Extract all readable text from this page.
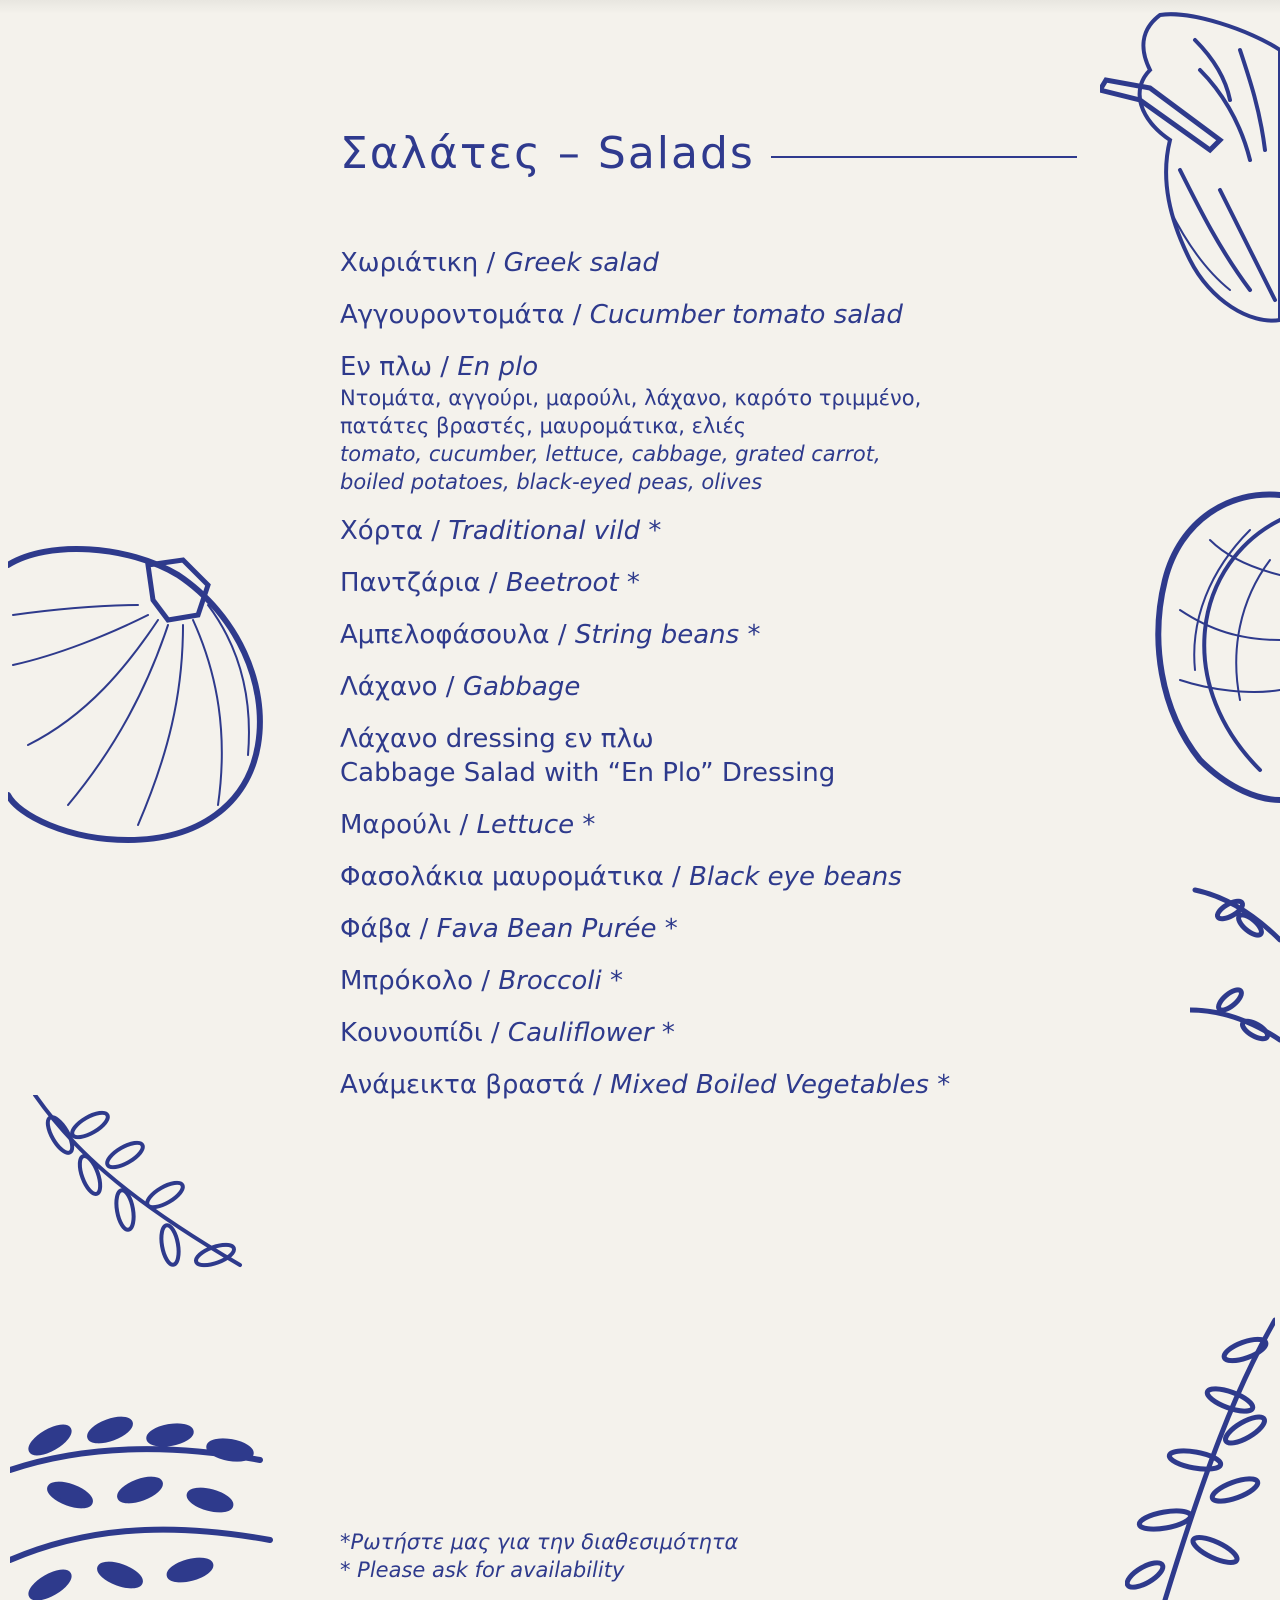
Σαλάτες – Salads
Χωριάτικη / Greek salad
Αγγουροντομάτα / Cucumber tomato salad
Εν πλω / En plo
Ντομάτα, αγγούρι, μαρούλι, λάχανο, καρότο τριμμένο,
πατάτες βραστές, μαυρομάτικα, ελιές
tomato, cucumber, lettuce, cabbage, grated carrot,
boiled potatoes, black-eyed peas, olives
Χόρτα / Traditional vild *
Παντζάρια / Beetroot *
Αμπελοφάσουλα / String beans *
Λάχανο / Gabbage
Λάχανο dressing εν πλω
Cabbage Salad with “En Plo” Dressing
Μαρούλι / Lettuce *
Φασολάκια μαυρομάτικα / Black eye beans
Φάβα / Fava Bean Purée *
Μπρόκολο / Broccoli *
Κουνουπίδι / Cauliflower *
Ανάμεικτα βραστά / Mixed Boiled Vegetables *
*Ρωτήστε μας για την διαθεσιμότητα
* Please ask for availability
